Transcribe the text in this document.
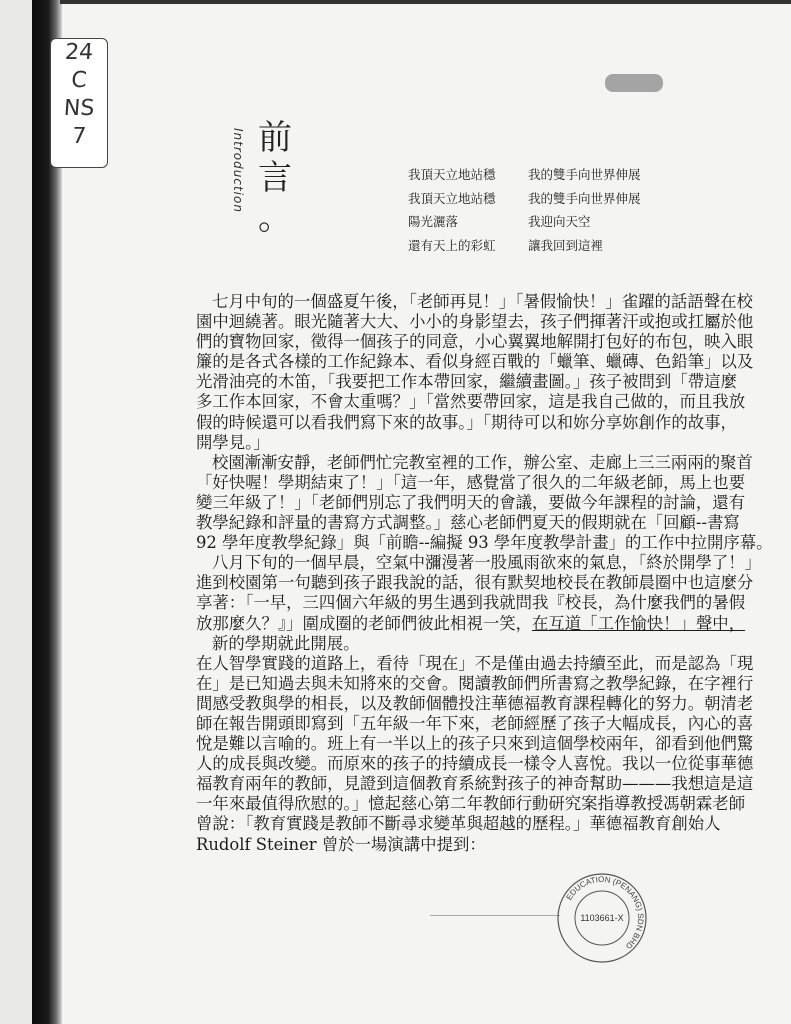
24
C
NS
7	前言
。
Introduction	我頂天立地站穩	我的雙手向世界伸展
我頂天立地站穩	我的雙手向世界伸展
陽光灑落	我迎向天空
還有天上的彩虹	讓我回到這裡
七月中旬的一個盛夏午後，「老師再見！」「暑假愉快！」雀躍的話語聲在校
園中迴繞著。眼光隨著大大、小小的身影望去，孩子們揮著汗或抱或扛屬於他
們的寶物回家，徵得一個孩子的同意，小心翼翼地解開打包好的布包，映入眼
簾的是各式各樣的工作紀錄本、看似身經百戰的「蠟筆、蠟磚、色鉛筆」以及
光滑油亮的木笛，「我要把工作本帶回家，繼續畫圖。」孩子被問到「帶這麼
多工作本回家，不會太重嗎？」「當然要帶回家，這是我自己做的，而且我放
假的時候還可以看我們寫下來的故事。」「期待可以和妳分享妳創作的故事，
開學見。」
校園漸漸安靜，老師們忙完教室裡的工作，辦公室、走廊上三三兩兩的聚首
「好快喔！學期結束了！」「這一年，感覺當了很久的二年級老師，馬上也要
變三年級了！」「老師們別忘了我們明天的會議，要做今年課程的討論，還有
教學紀錄和評量的書寫方式調整。」慈心老師們夏天的假期就在「回顧--書寫
92 學年度教學紀錄」與「前瞻--編擬 93 學年度教學計畫」的工作中拉開序幕。
八月下旬的一個早晨，空氣中瀰漫著一股風雨欲來的氣息，「終於開學了！」
進到校園第一句聽到孩子跟我說的話，很有默契地校長在教師晨圈中也這麼分
享著：「一早，三四個六年級的男生遇到我就問我『校長，為什麼我們的暑假
放那麼久？』」圍成圈的老師們彼此相視一笑，在互道「工作愉快！」聲中，
新的學期就此開展。
在人智學實踐的道路上，看待「現在」不是僅由過去持續至此，而是認為「現
在」是已知過去與未知將來的交會。閱讀教師們所書寫之教學紀錄，在字裡行
間感受教與學的相長，以及教師個體投注華德福教育課程轉化的努力。朝清老
師在報告開頭即寫到「五年級一年下來，老師經歷了孩子大幅成長，內心的喜
悅是難以言喻的。班上有一半以上的孩子只來到這個學校兩年，卻看到他們驚
人的成長與改變。而原來的孩子的持續成長一樣令人喜悅。我以一位從事華德
福教育兩年的教師，見證到這個教育系統對孩子的神奇幫助———我想這是這
一年來最值得欣慰的。」憶起慈心第二年教師行動研究案指導教授馮朝霖老師
曾說：「教育實踐是教師不斷尋求變革與超越的歷程。」華德福教育創始人
Rudolf Steiner 曾於一場演講中提到：
EDUCATION (PENANG) SDN BHD
1103661-X
